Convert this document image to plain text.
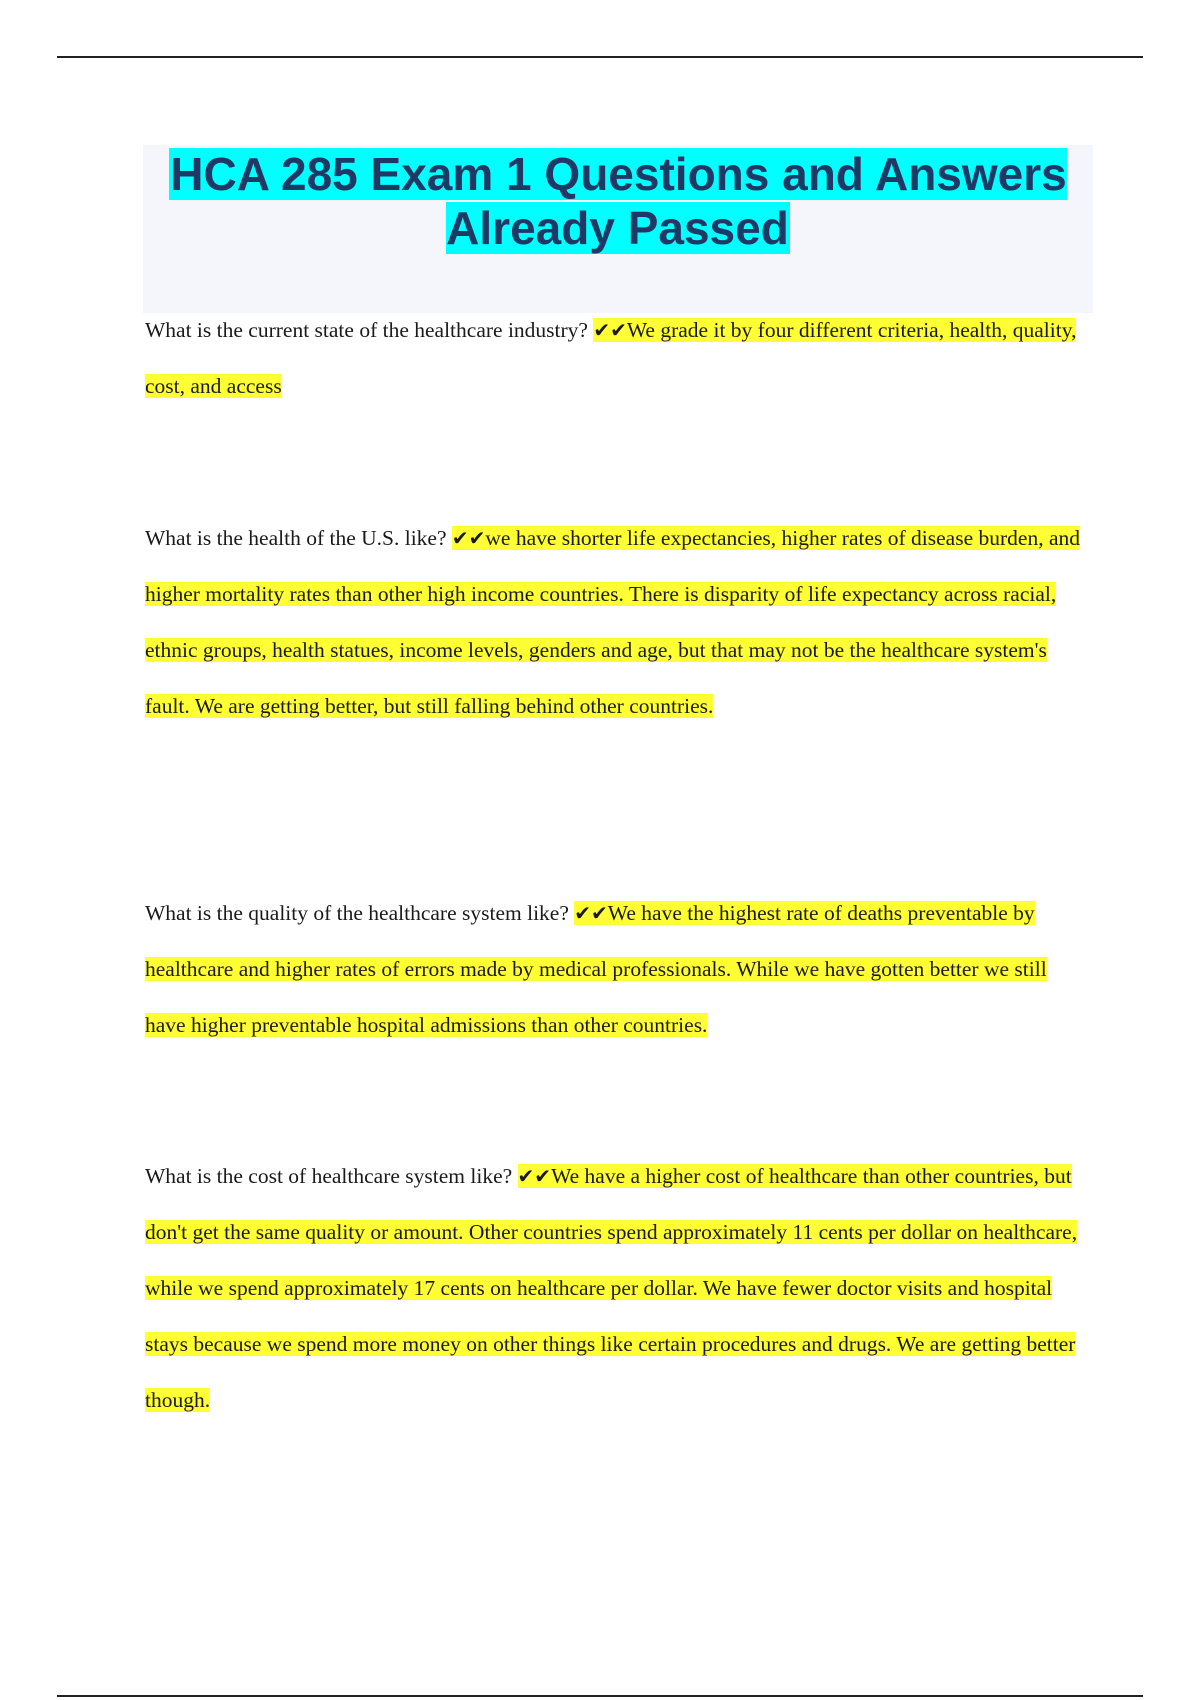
HCA 285 Exam 1 Questions and Answers Already Passed

What is the current state of the healthcare industry? ✔✔We grade it by four different criteria, health, quality, cost, and access

What is the health of the U.S. like? ✔✔we have shorter life expectancies, higher rates of disease burden, and higher mortality rates than other high income countries. There is disparity of life expectancy across racial, ethnic groups, health statues, income levels, genders and age, but that may not be the healthcare system's fault. We are getting better, but still falling behind other countries.

What is the quality of the healthcare system like? ✔✔We have the highest rate of deaths preventable by healthcare and higher rates of errors made by medical professionals. While we have gotten better we still have higher preventable hospital admissions than other countries.

What is the cost of healthcare system like? ✔✔We have a higher cost of healthcare than other countries, but don't get the same quality or amount. Other countries spend approximately 11 cents per dollar on healthcare, while we spend approximately 17 cents on healthcare per dollar. We have fewer doctor visits and hospital stays because we spend more money on other things like certain procedures and drugs. We are getting better though.
